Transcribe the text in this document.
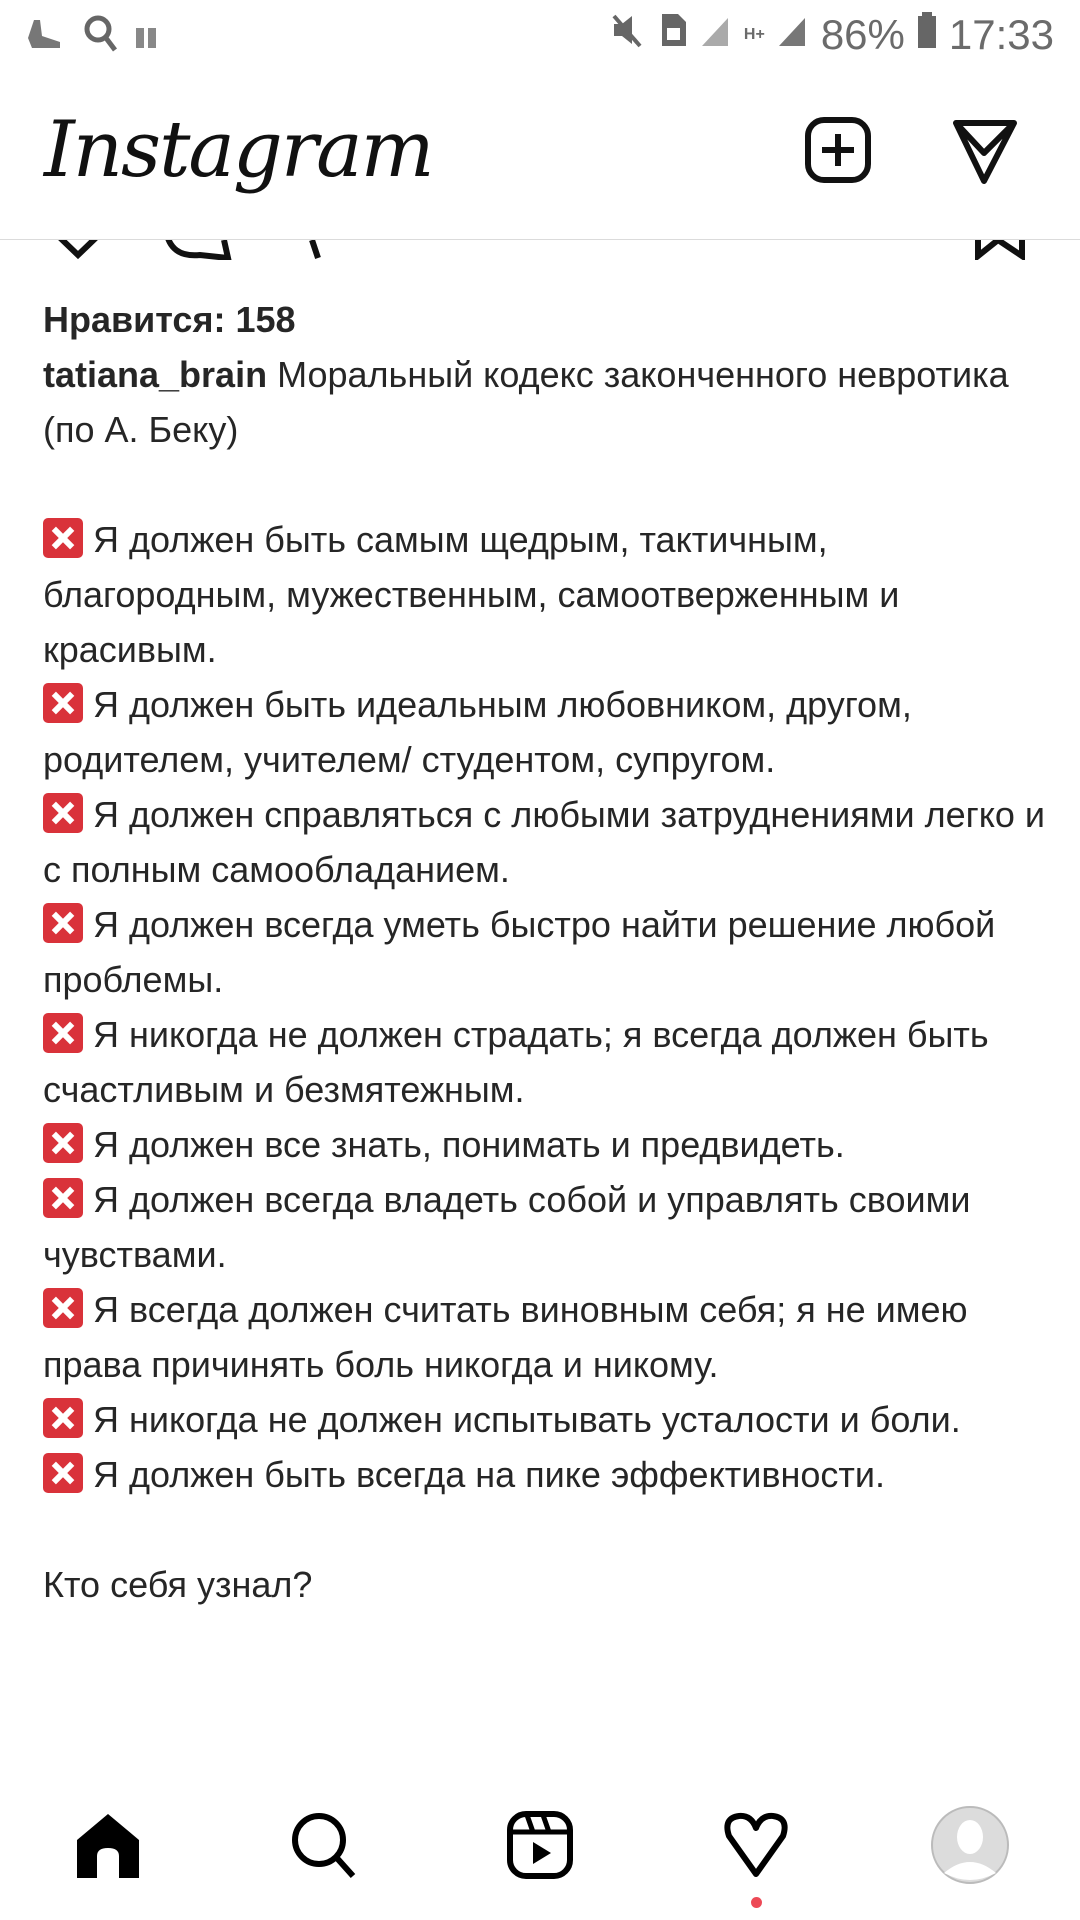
H+ 86% 17:33
Instagram

Нравится: 158

tatiana_brain Моральный кодекс законченного невротика (по А. Беку)

Я должен быть самым щедрым, тактичным, благородным, мужественным, самоотверженным и красивым.

Я должен быть идеальным любовником, другом, родителем, учителем/ студентом, супругом.

Я должен справляться с любыми затруднениями легко и с полным самообладанием.

Я должен всегда уметь быстро найти решение любой проблемы.

Я никогда не должен страдать; я всегда должен быть счастливым и безмятежным.

Я должен все знать, понимать и предвидеть.

Я должен всегда владеть собой и управлять своими чувствами.

Я всегда должен считать виновным себя; я не имею права причинять боль никогда и никому.

Я никогда не должен испытывать усталости и боли.

Я должен быть всегда на пике эффективности.

Кто себя узнал?
